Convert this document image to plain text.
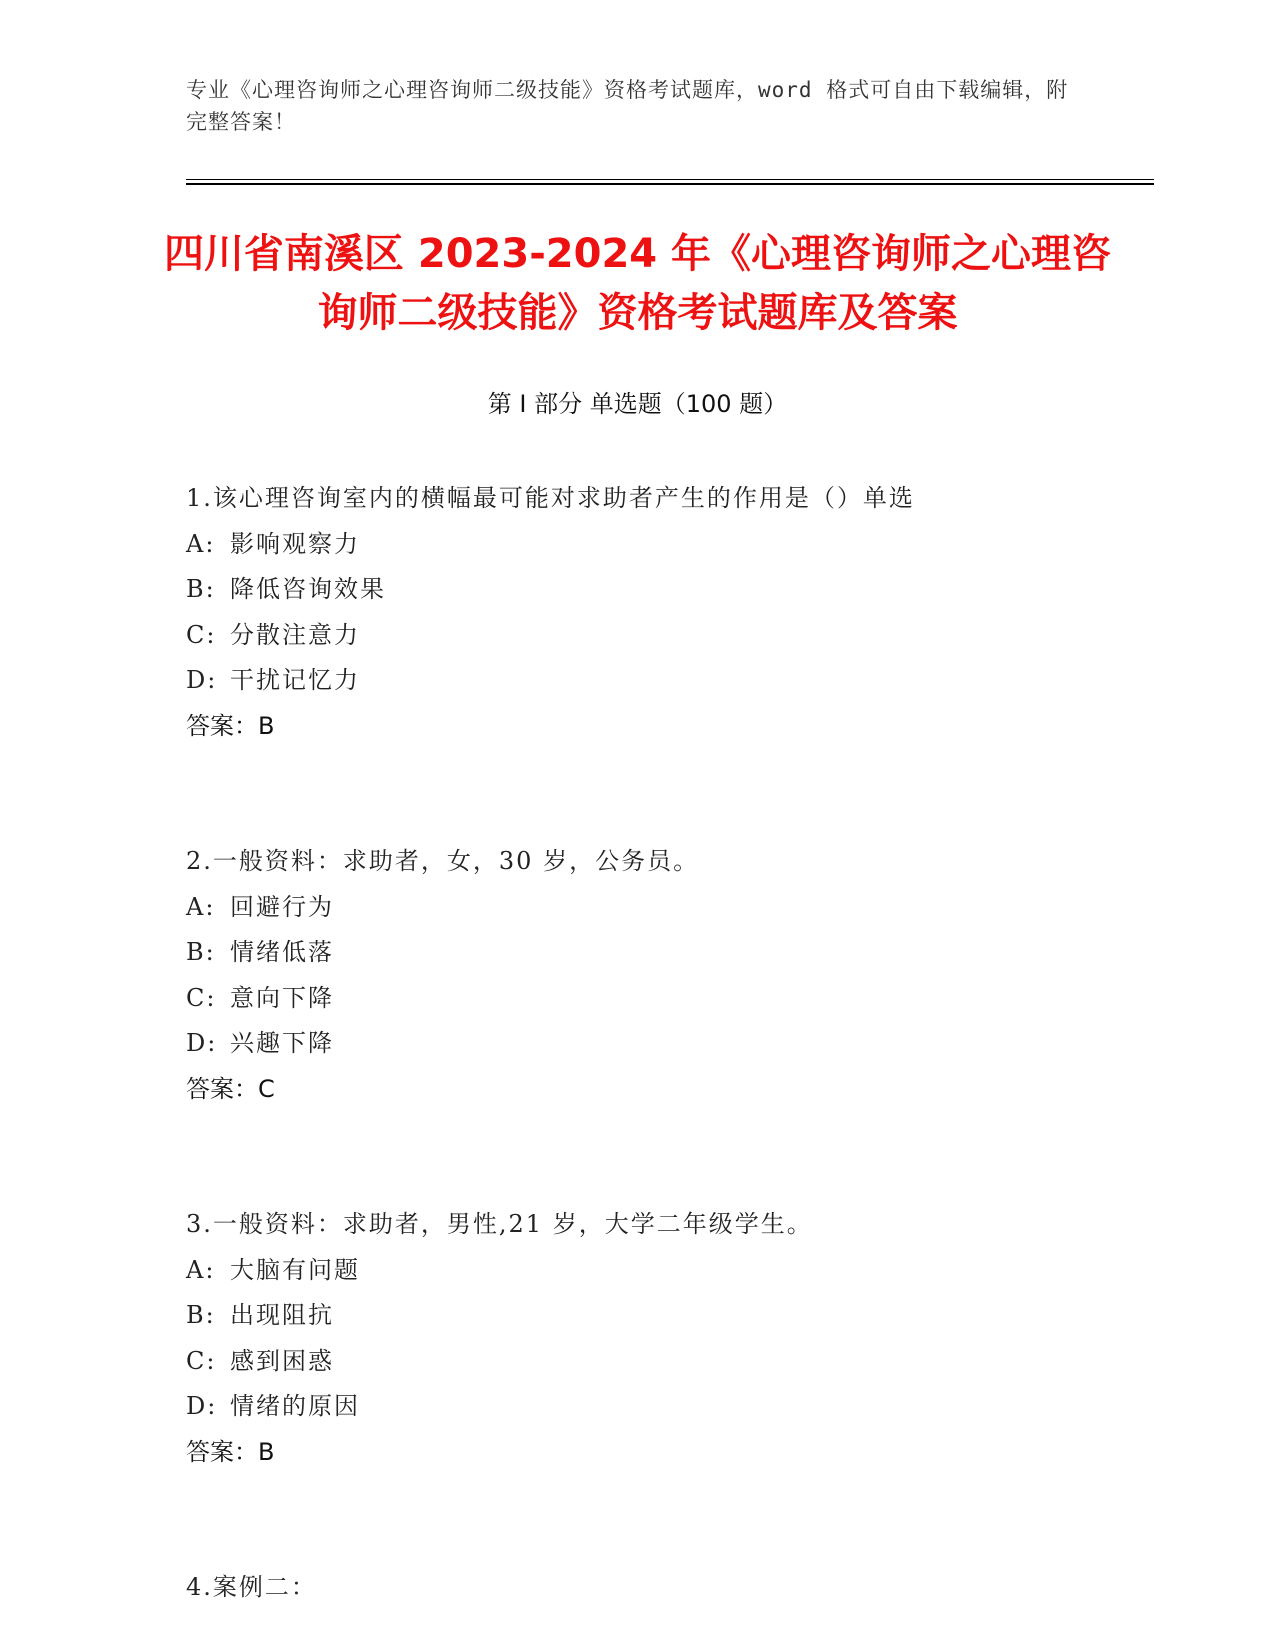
专业《心理咨询师之心理咨询师二级技能》资格考试题库，word 格式可自由下载编辑，附完整答案！
四川省南溪区 2023-2024 年《心理咨询师之心理咨询师二级技能》资格考试题库及答案
第 I 部分 单选题（100 题）
1.该心理咨询室内的横幅最可能对求助者产生的作用是（）单选
A: 影响观察力
B: 降低咨询效果
C: 分散注意力
D: 干扰记忆力
答案：B
2.一般资料：求助者，女，30 岁，公务员。
A: 回避行为
B: 情绪低落
C: 意向下降
D: 兴趣下降
答案：C
3.一般资料：求助者，男性,21 岁，大学二年级学生。
A: 大脑有问题
B: 出现阻抗
C: 感到困惑
D: 情绪的原因
答案：B
4.案例二：
